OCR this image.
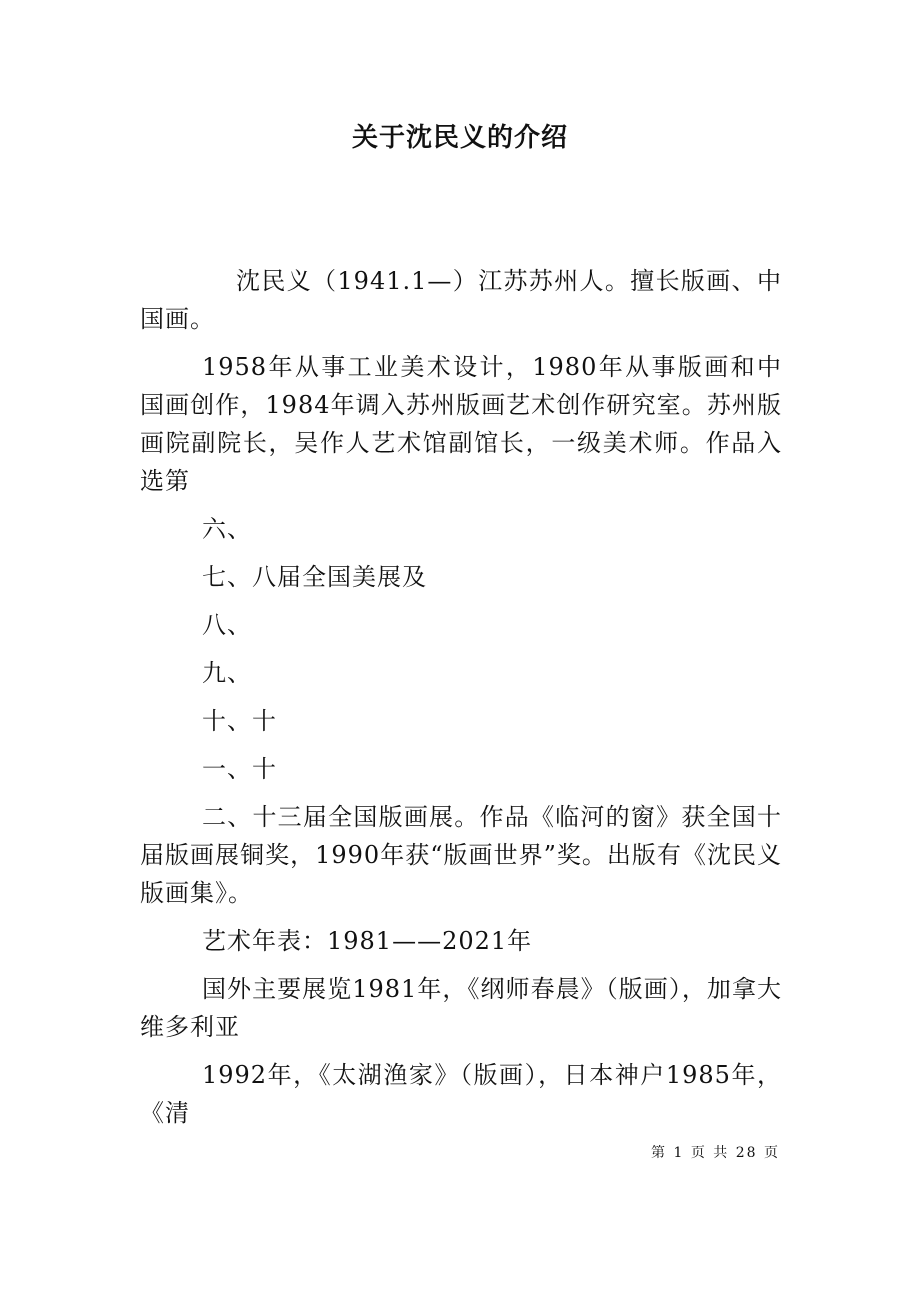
关于沈民义的介绍

沈民义（1941.1—）江苏苏州人。擅长版画、中国画。

1958年从事工业美术设计，1980年从事版画和中国画创作，1984年调入苏州版画艺术创作研究室。苏州版画院副院长，吴作人艺术馆副馆长，一级美术师。作品入选第

六、

七、八届全国美展及

八、

九、

十、十

一、十

二、十三届全国版画展。作品《临河的窗》获全国十届版画展铜奖，1990年获“版画世界”奖。出版有《沈民义版画集》。

艺术年表：1981——2021年

国外主要展览1981年，《纲师春晨》（版画），加拿大维多利亚

1992年，《太湖渔家》（版画），日本神户1985年，《清

第 1 页 共 28 页
